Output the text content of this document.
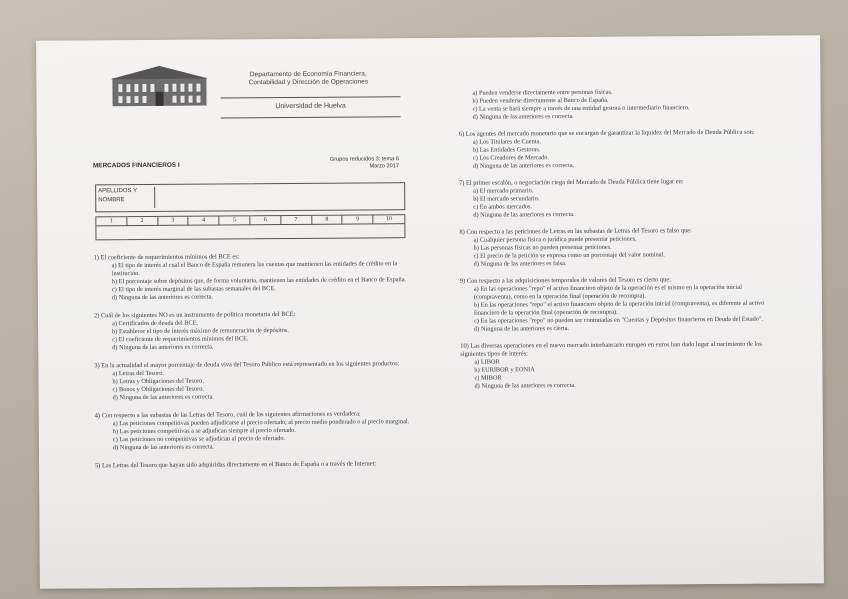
Departamento de Economía Financiera,
Contabilidad y Dirección de Operaciones
Universidad de Huelva
MERCADOS FINANCIEROS I
Grupos reducidos 3: tema 6
Marzo 2017
APELLIDOS Y
NOMBRE
1	2	3	4	5	6	7	8	9	10
1) El coeficiente de requerimientos mínimos del BCE es:
a) El tipo de interés al cual el Banco de España remunera las cuentas que mantienen las entidades de crédito en la institución.
b) El porcentaje sobre depósitos que, de forma voluntaria, mantienen las entidades de crédito en el Banco de España.
c) El tipo de interés marginal de las subastas semanales del BCE.
d) Ninguna de las anteriores es correcta.
2) Cuál de los siguientes NO es un instrumento de política monetaria del BCE:
a) Certificados de deuda del BCE.
b) Establecer el tipo de interés máximo de remuneración de depósitos.
c) El coeficiente de requerimientos mínimos del BCE.
d) Ninguna de las anteriores es correcta.
3) En la actualidad el mayor porcentaje de deuda viva del Tesoro Público está representado en los siguientes productos:
a) Letras del Tesoro.
b) Letras y Obligaciones del Tesoro.
c) Bonos y Obligaciones del Tesoro.
d) Ninguna de las anteriores es correcta.
4) Con respecto a las subastas de las Letras del Tesoro, cuál de las siguientes afirmaciones es verdadera:
a) Las peticiones competitivas pueden adjudicarse al precio ofertado, al precio medio ponderado o al precio marginal.
b) Las peticiones competitivas a se adjudican siempre al precio ofertado.
c) Las peticiones no competitivas se adjudican al precio de ofertado.
d) Ninguna de las anteriores es correcta.
5) Las Letras del Tesoro que hayan sido adquiridas directamente en el Banco de España o a través de Internet:
a) Pueden venderse directamente entre personas físicas.
b) Pueden venderse directamente al Banco de España.
c) La venta se hará siempre a través de una entidad gestora o intermediario financiero.
d) Ninguna de las anteriores es correcta.
6) Los agentes del mercado monetario que se encargan de garantizar la liquidez del Mercado de Deuda Pública son:
a) Los Titulares de Cuenta.
b) Las Entidades Gestoras.
c) Los Creadores de Mercado.
d) Ninguna de las anteriores es correcta.
7) El primer escalón, o negociación ciega del Mercado de Deuda Pública tiene lugar en:
a) El mercado primario.
b) El mercado secundario.
c) En ambos mercados.
d) Ninguna de las anteriores es correcta.
8) Con respecto a las peticiones de Letras en las subastas de Letras del Tesoro es falso que:
a) Cualquier persona física o jurídica puede presentar peticiones.
b) Las personas físicas no pueden presentar peticiones.
c) El precio de la petición se expresa como un porcentaje del valor nominal.
d) Ninguna de las anteriores es falsa.
9) Con respecto a las adquisiciones temporales de valores del Tesoro es cierto que:
a) En las operaciones "repo" el activo financiero objeto de la operación es el mismo en la operación inicial (compraventa), como en la operación final (operación de recompra).
b) En las operaciones "repo" el activo financiero objeto de la operación inicial (compraventa), es diferente al activo financiero de la operación final (operación de recompra).
c) En las operaciones "repo" no pueden ser contratadas en "Cuentas y Depósitos financieros en Deuda del Estado".
d) Ninguna de las anteriores es cierta.
10) Las diversas operaciones en el nuevo mercado interbancario europeo en euros han dado lugar al nacimiento de los siguientes tipos de interés:
a) LIBOR
b) EURIBOR y EONIA
c) MIBOR
d) Ninguna de las anteriores es correcta.
